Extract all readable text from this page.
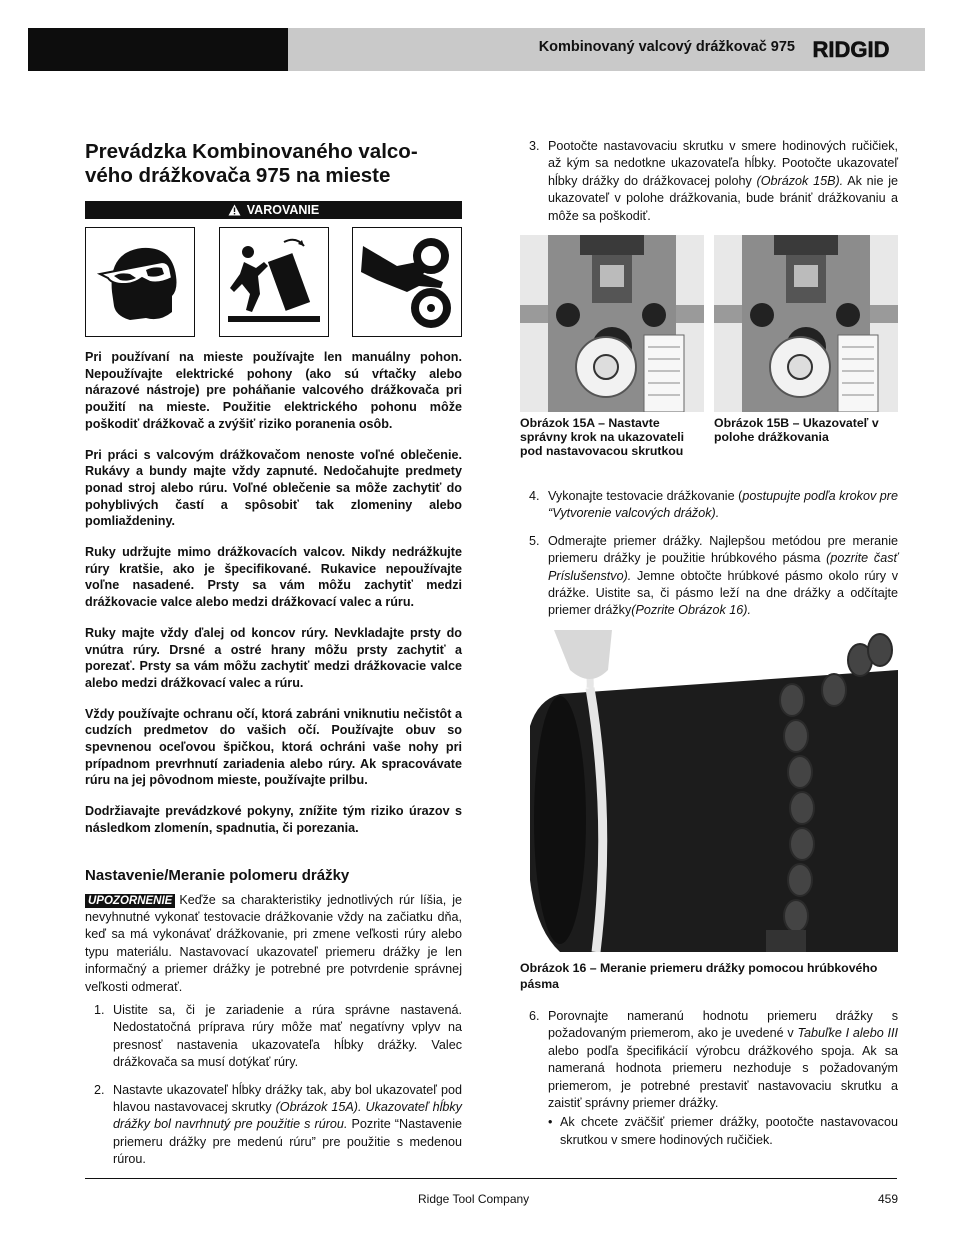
Kombinovaný valcový drážkovač 975 RIDGID
Prevádzka Kombinovaného valco-vého drážkovača 975 na mieste
VAROVANIE

Pri používaní na mieste používajte len manuálny pohon. Nepoužívajte elektrické pohony (ako sú vŕtačky alebo nárazové nástroje) pre poháňanie valcového drážkovača pri použití na mieste. Použitie elektrického pohonu môže poškodiť drážkovač a zvýšiť riziko poranenia osôb.

Pri práci s valcovým drážkovačom nenoste voľné oblečenie. Rukávy a bundy majte vždy zapnuté. Nedočahujte predmety ponad stroj alebo rúru. Voľné oblečenie sa môže zachytiť do pohyblivých častí a spôsobiť tak zlomeniny alebo pomliaždeniny.

Ruky udržujte mimo drážkovacích valcov. Nikdy nedrážkujte rúry kratšie, ako je špecifikované. Rukavice nepoužívajte voľne nasadené. Prsty sa vám môžu zachytiť medzi drážkovacie valce alebo medzi drážkovací valec a rúru.

Ruky majte vždy ďalej od koncov rúry. Nevkladajte prsty do vnútra rúry. Drsné a ostré hrany môžu prsty zachytiť a porezať. Prsty sa vám môžu zachytiť medzi drážkovacie valce alebo medzi drážkovací valec a rúru.

Vždy používajte ochranu očí, ktorá zabráni vniknutiu nečistôt a cudzích predmetov do vašich očí. Používajte obuv so spevnenou oceľovou špičkou, ktorá ochráni vaše nohy pri prípadnom prevrhnutí zariadenia alebo rúry. Ak spracovávate rúru na jej pôvodnom mieste, používajte prilbu.

Dodržiavajte prevádzkové pokyny, znížite tým riziko úrazov s následkom zlomenín, spadnutia, či porezania.

Nastavenie/Meranie polomeru drážky
UPOZORNENIE Keďže sa charakteristiky jednotlivých rúr líšia, je nevyhnutné vykonať testovacie drážkovanie vždy na začiatku dňa, keď sa má vykonávať drážkovanie, pri zmene veľkosti rúry alebo typu materiálu. Nastavovací ukazovateľ priemeru drážky je len informačný a priemer drážky je potrebné pre potvrdenie správnej veľkosti odmerať.
1. Uistite sa, či je zariadenie a rúra správne nastavená. Nedostatočná príprava rúry môže mať negatívny vplyv na presnosť nastavenia ukazovateľa hĺbky drážky. Valec drážkovača sa musí dotýkať rúry.
2. Nastavte ukazovateľ hĺbky drážky tak, aby bol ukazovateľ pod hlavou nastavovacej skrutky (Obrázok 15A). Ukazovateľ hĺbky drážky bol navrhnutý pre použitie s rúrou. Pozrite “Nastavenie priemeru drážky pre medenú rúru” pre použitie s medenou rúrou.
3. Pootočte nastavovaciu skrutku v smere hodinových ručičiek, až kým sa nedotkne ukazovateľa hĺbky. Pootočte ukazovateľ hĺbky drážky do drážkovacej polohy (Obrázok 15B). Ak nie je ukazovateľ v polohe drážkovania, bude brániť drážkovaniu a môže sa poškodiť.
Obrázok 15A – Nastavte správny krok na ukazovateli pod nastavovacou skrutkou
Obrázok 15B – Ukazovateľ v polohe drážkovania
4. Vykonajte testovacie drážkovanie (postupujte podľa krokov pre “Vytvorenie valcových drážok).
5. Odmerajte priemer drážky. Najlepšou metódou pre meranie priemeru drážky je použitie hrúbkového pásma (pozrite časť Príslušenstvo). Jemne obtočte hrúbkové pásmo okolo rúry v drážke. Uistite sa, či pásmo leží na dne drážky a odčítajte priemer drážky(Pozrite Obrázok 16).
Obrázok 16 – Meranie priemeru drážky pomocou hrúbkového pásma
6. Porovnajte nameranú hodnotu priemeru drážky s požadovaným priemerom, ako je uvedené v Tabuľke I alebo III alebo podľa špecifikácií výrobcu drážkového spoja. Ak sa nameraná hodnota priemeru nezhoduje s požadovaným priemerom, je potrebné prestaviť nastavovaciu skrutku a zaistiť správny priemer drážky.
• Ak chcete zväčšiť priemer drážky, pootočte nastavovacou skrutkou v smere hodinových ručičiek.
Ridge Tool Company	459
